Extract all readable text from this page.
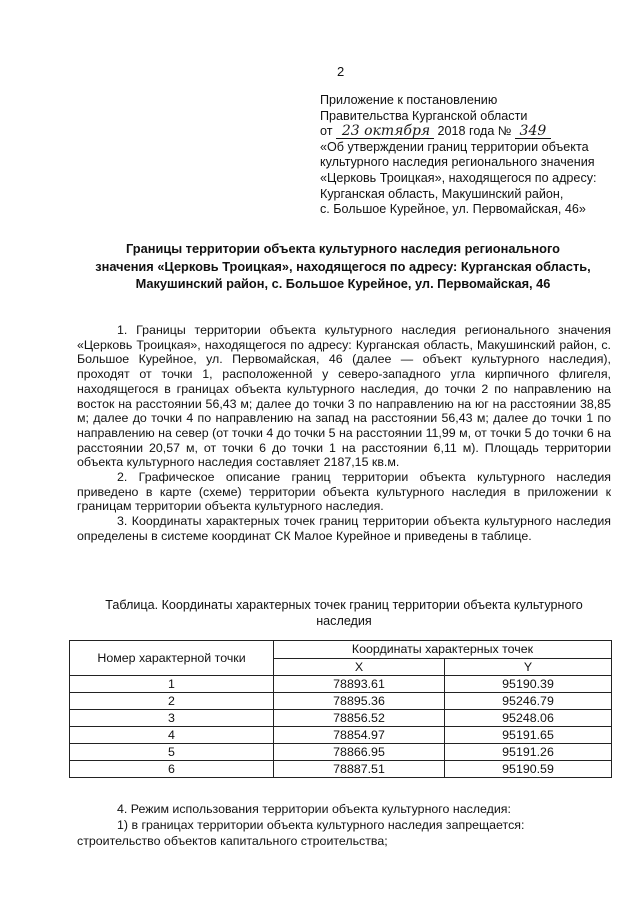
2
Приложение к постановлению
Правительства Курганской области
от 23 октября 2018 года № 349
«Об утверждении границ территории объекта
культурного наследия регионального значения
«Церковь Троицкая», находящегося по адресу:
Курганская область, Макушинский район,
с. Большое Курейное, ул. Первомайская, 46»
Границы территории объекта культурного наследия регионального
значения «Церковь Троицкая», находящегося по адресу: Курганская область,
Макушинский район, с. Большое Курейное, ул. Первомайская, 46

1. Границы территории объекта культурного наследия регионального значения «Церковь Троицкая», находящегося по адресу: Курганская область, Макушинский район, с. Большое Курейное, ул. Первомайская, 46 (далее — объект культурного наследия), проходят от точки 1, расположенной у северо-западного угла кирпичного флигеля, находящегося в границах объекта культурного наследия, до точки 2 по направлению на восток на расстоянии 56,43 м; далее до точки 3 по направлению на юг на расстоянии 38,85 м; далее до точки 4 по направлению на запад на расстоянии 56,43 м; далее до точки 1 по направлению на север (от точки 4 до точки 5 на расстоянии 11,99 м, от точки 5 до точки 6 на расстоянии 20,57 м, от точки 6 до точки 1 на расстоянии 6,11 м). Площадь территории объекта культурного наследия составляет 2187,15 кв.м.

2. Графическое описание границ территории объекта культурного наследия приведено в карте (схеме) территории объекта культурного наследия в приложении к границам территории объекта культурного наследия.

3. Координаты характерных точек границ территории объекта культурного наследия определены в системе координат СК Малое Курейное и приведены в таблице.

Таблица. Координаты характерных точек границ территории объекта культурного наследия
Номер характерной точки	Координаты характерных точек	
	X	Y
1	78893.61	95190.39
2	78895.36	95246.79
3	78856.52	95248.06
4	78854.97	95191.65
5	78866.95	95191.26
6	78887.51	95190.59

4. Режим использования территории объекта культурного наследия:

1) в границах территории объекта культурного наследия запрещается:

строительство объектов капитального строительства;
